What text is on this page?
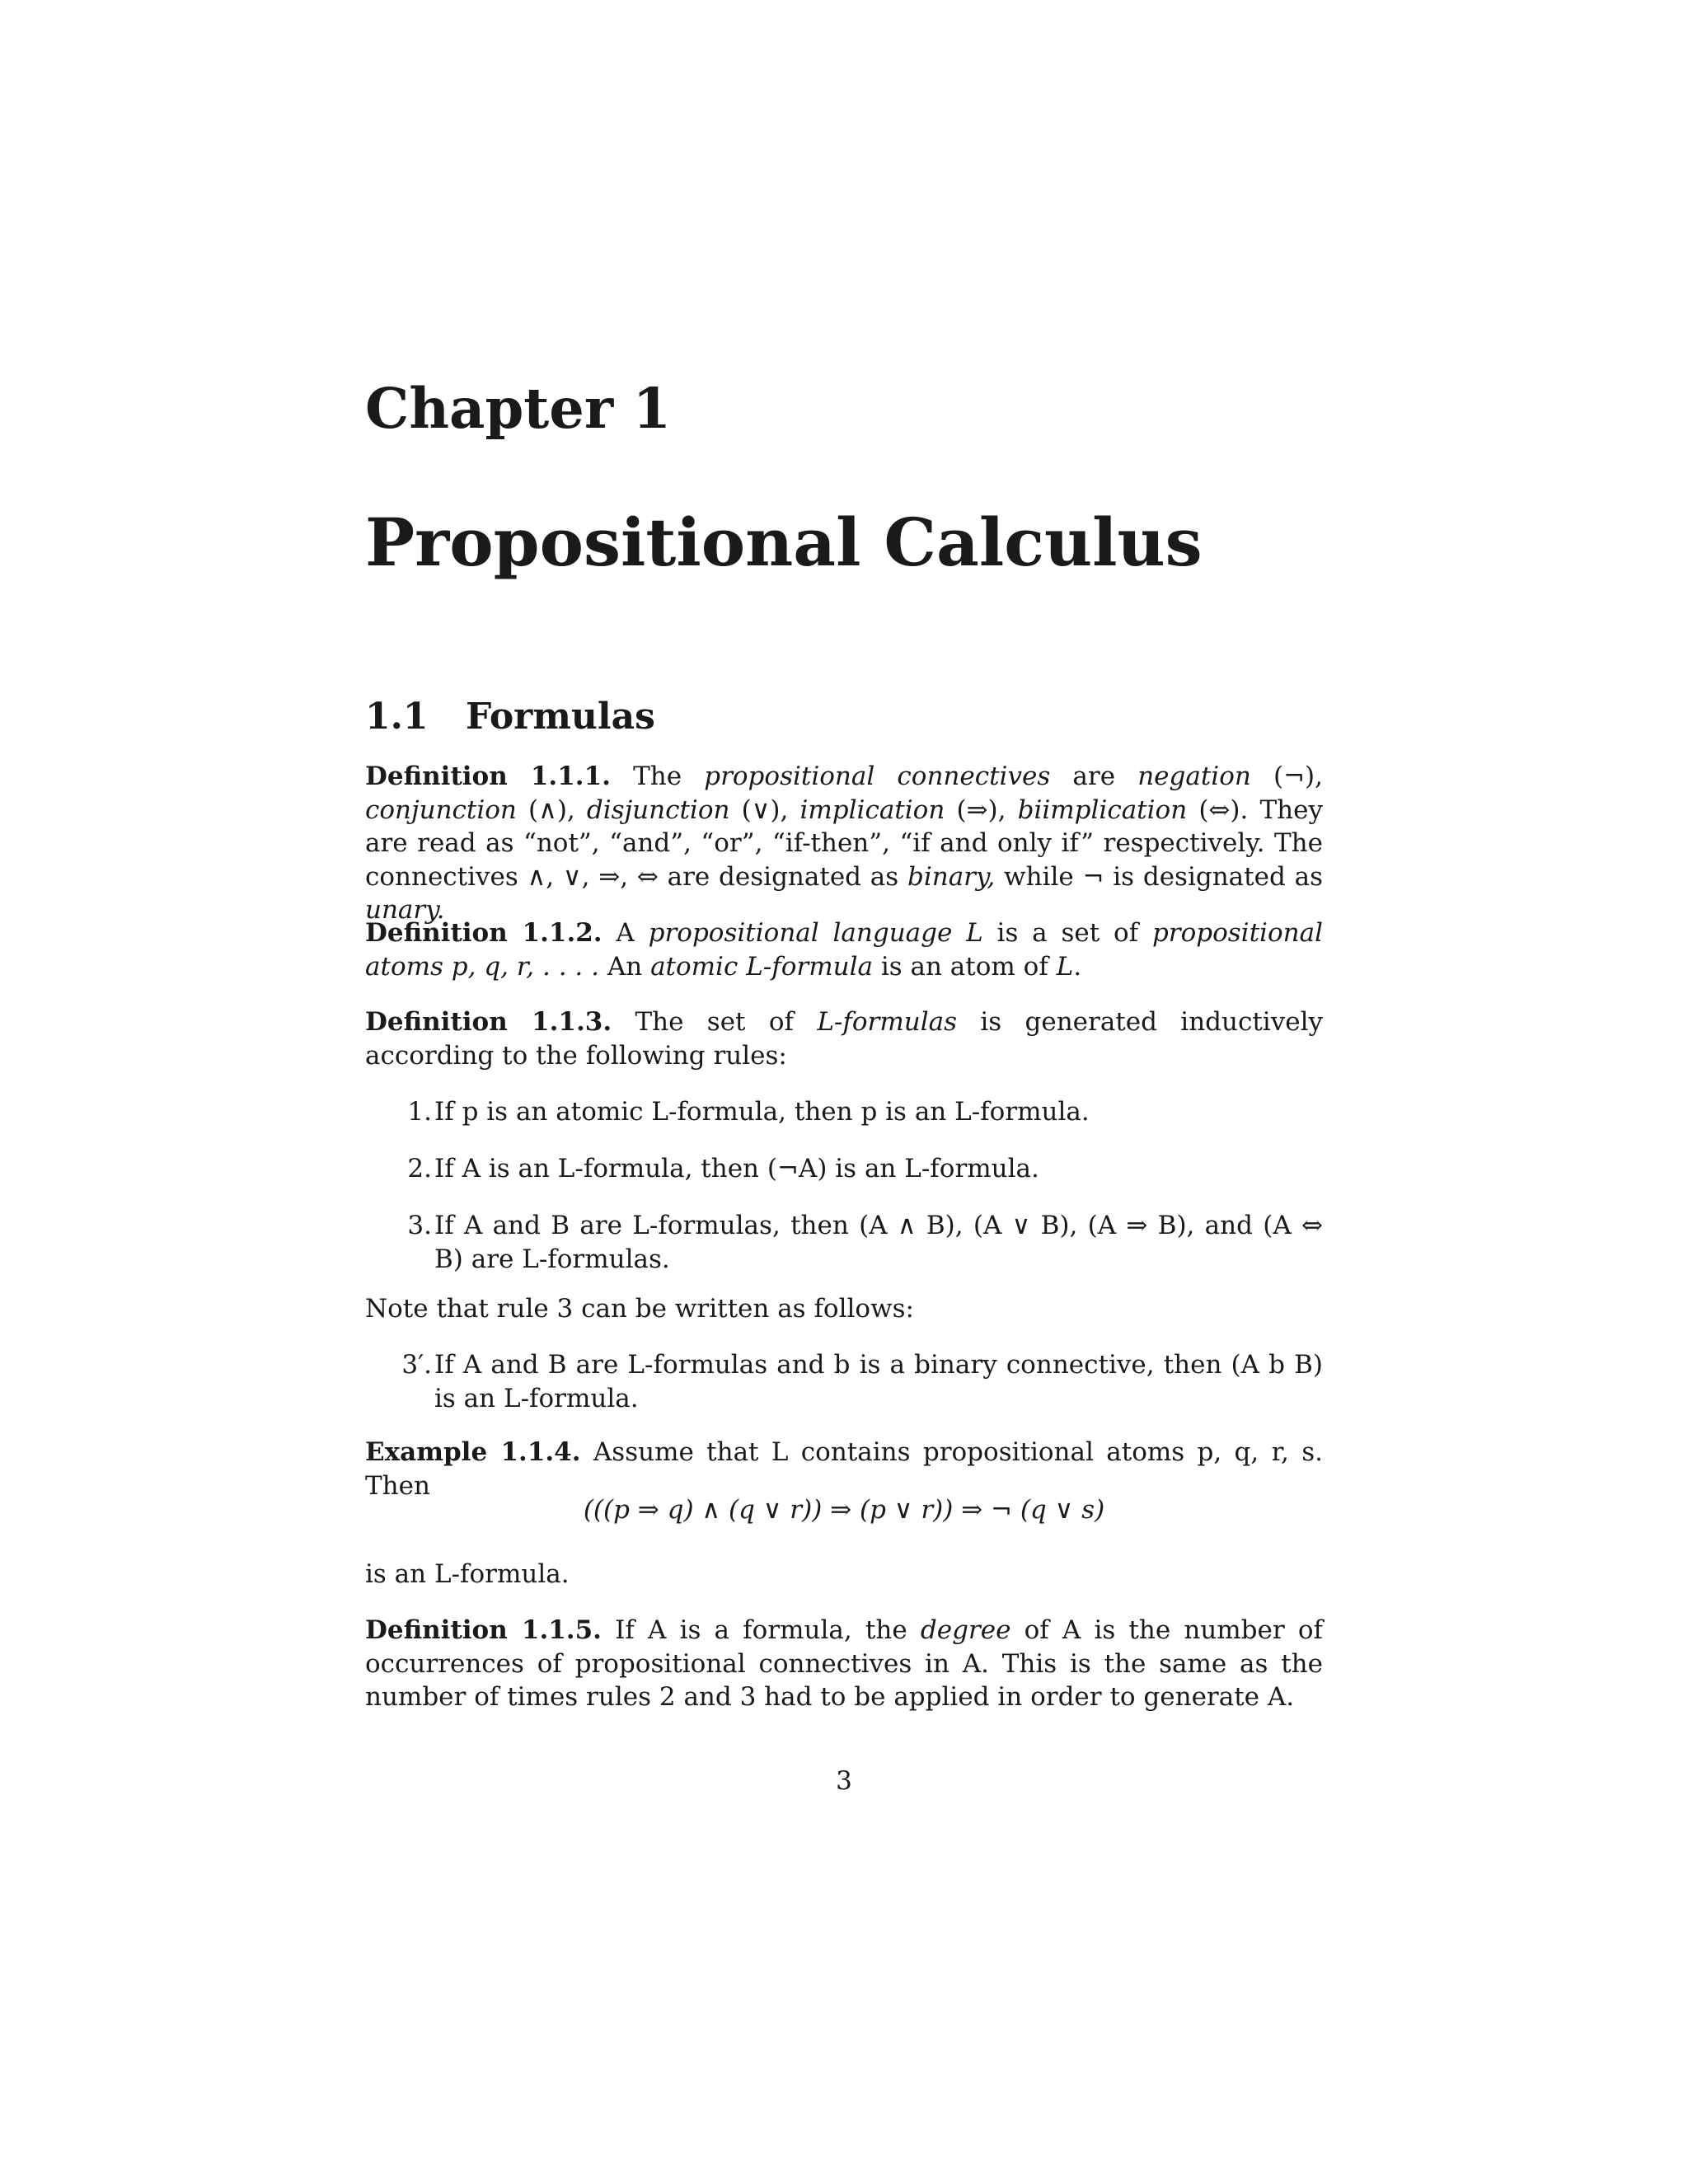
Chapter 1
Propositional Calculus
1.1 Formulas
Definition 1.1.1. The propositional connectives are negation (¬), conjunction (∧), disjunction (∨), implication (⇒), biimplication (⇔). They are read as “not”, “and”, “or”, “if-then”, “if and only if” respectively. The connectives ∧, ∨, ⇒, ⇔ are designated as binary, while ¬ is designated as unary.
Definition 1.1.2. A propositional language L is a set of propositional atoms p, q, r, . . . . An atomic L-formula is an atom of L.
Definition 1.1.3. The set of L-formulas is generated inductively according to the following rules:
1. If p is an atomic L-formula, then p is an L-formula.
2. If A is an L-formula, then (¬A) is an L-formula.
3. If A and B are L-formulas, then (A ∧ B), (A ∨ B), (A ⇒ B), and (A ⇔ B) are L-formulas.
Note that rule 3 can be written as follows:
3′. If A and B are L-formulas and b is a binary connective, then (A b B) is an L-formula.
Example 1.1.4. Assume that L contains propositional atoms p, q, r, s. Then
(((p ⇒ q) ∧ (q ∨ r)) ⇒ (p ∨ r)) ⇒ ¬ (q ∨ s)
is an L-formula.
Definition 1.1.5. If A is a formula, the degree of A is the number of occurrences of propositional connectives in A. This is the same as the number of times rules 2 and 3 had to be applied in order to generate A.
3
